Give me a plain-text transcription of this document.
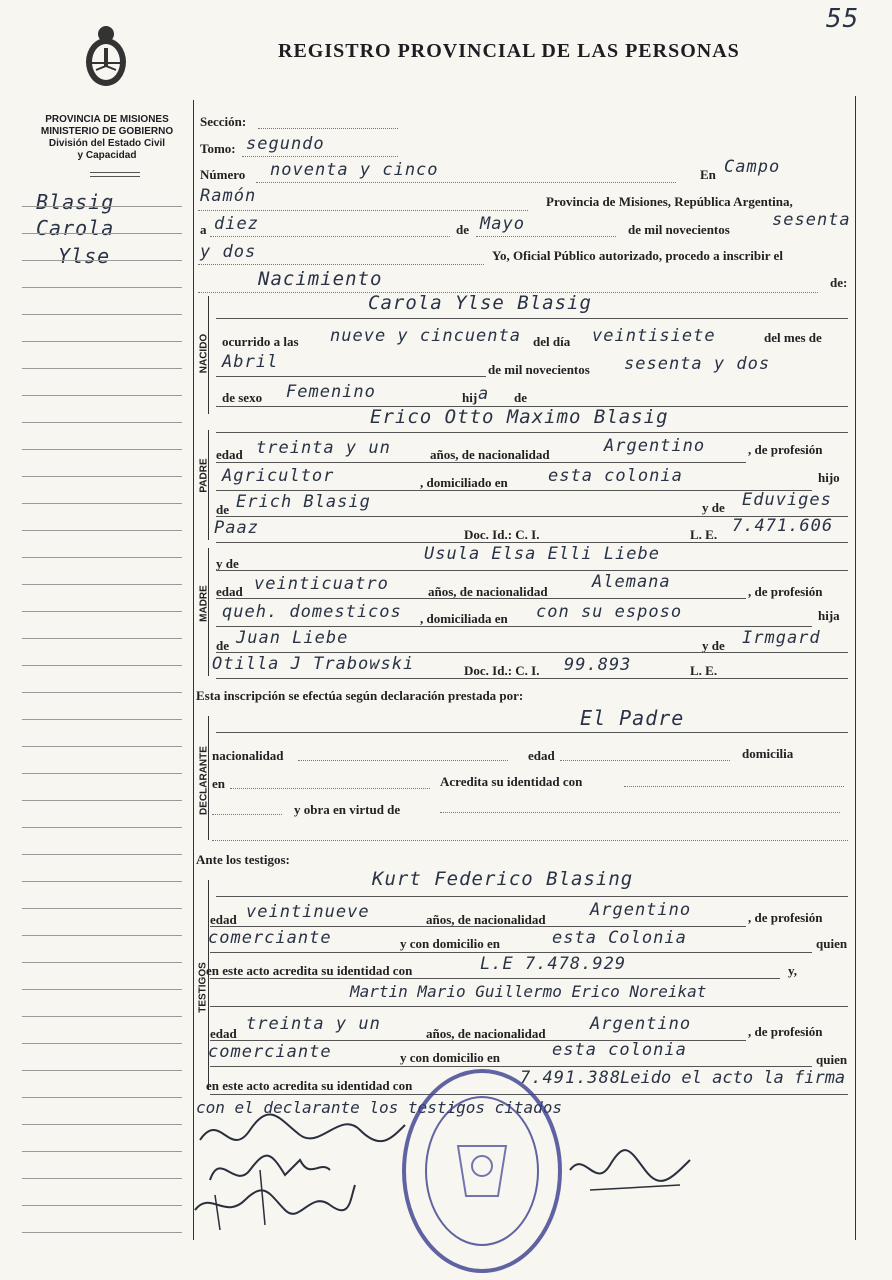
55
REGISTRO PROVINCIAL DE LAS PERSONAS
PROVINCIA DE MISIONES
MINISTERIO DE GOBIERNO
División del Estado Civil
y Capacidad
Blasig
Carola
Ylse
NACIDO
PADRE
MADRE
DECLARANTE
TESTIGOS
Sección:
Tomo: segundo
Número noventa y cinco	En Campo
Ramón	Provincia de Misiones, República Argentina,
a diez	de Mayo	de mil novecientos sesenta
y dos	Yo, Oficial Público autorizado, procedo a inscribir el
Nacimiento	de:
Carola Ylse Blasig
ocurrido a las nueve y cincuenta del día veintisiete	del mes de
Abril	de mil novecientos sesenta y dos
de sexo Femenino	hij a de
Erico Otto Maximo Blasig
edad treinta y un	años, de nacionalidad	Argentino	, de profesión
Agricultor	, domiciliado en esta colonia	hijo
de Erich Blasig	y de Eduviges
Paaz	Doc. Id.: C. I.	L. E. 7.471.606
y de	Usula Elsa Elli Liebe
edad veinticuatro	años, de nacionalidad	Alemana	, de profesión
queh. domesticos , domiciliada en con su esposo	hija
de Juan Liebe	y de Irmgard
Otilla J Trabowski	Doc. Id.: C. I. 99.893	L. E.
Esta inscripción se efectúa según declaración prestada por:
El Padre
nacionalidad	edad	domicilia
en	Acredita su identidad con
y obra en virtud de
Ante los testigos:
Kurt Federico Blasing
edad veintinueve	años, de nacionalidad	Argentino	, de profesión
comerciante	y con domicilio en	esta Colonia	quien
en este acto acredita su identidad con	L.E 7.478.929	y,
Martin Mario Guillermo Erico Noreikat
edad treinta y un	años, de nacionalidad	Argentino	, de profesión
comerciante	y con domicilio en	esta colonia	quien
en este acto acredita su identidad con	7.491.388
Leido el acto la firma
con el declarante los testigos citados
